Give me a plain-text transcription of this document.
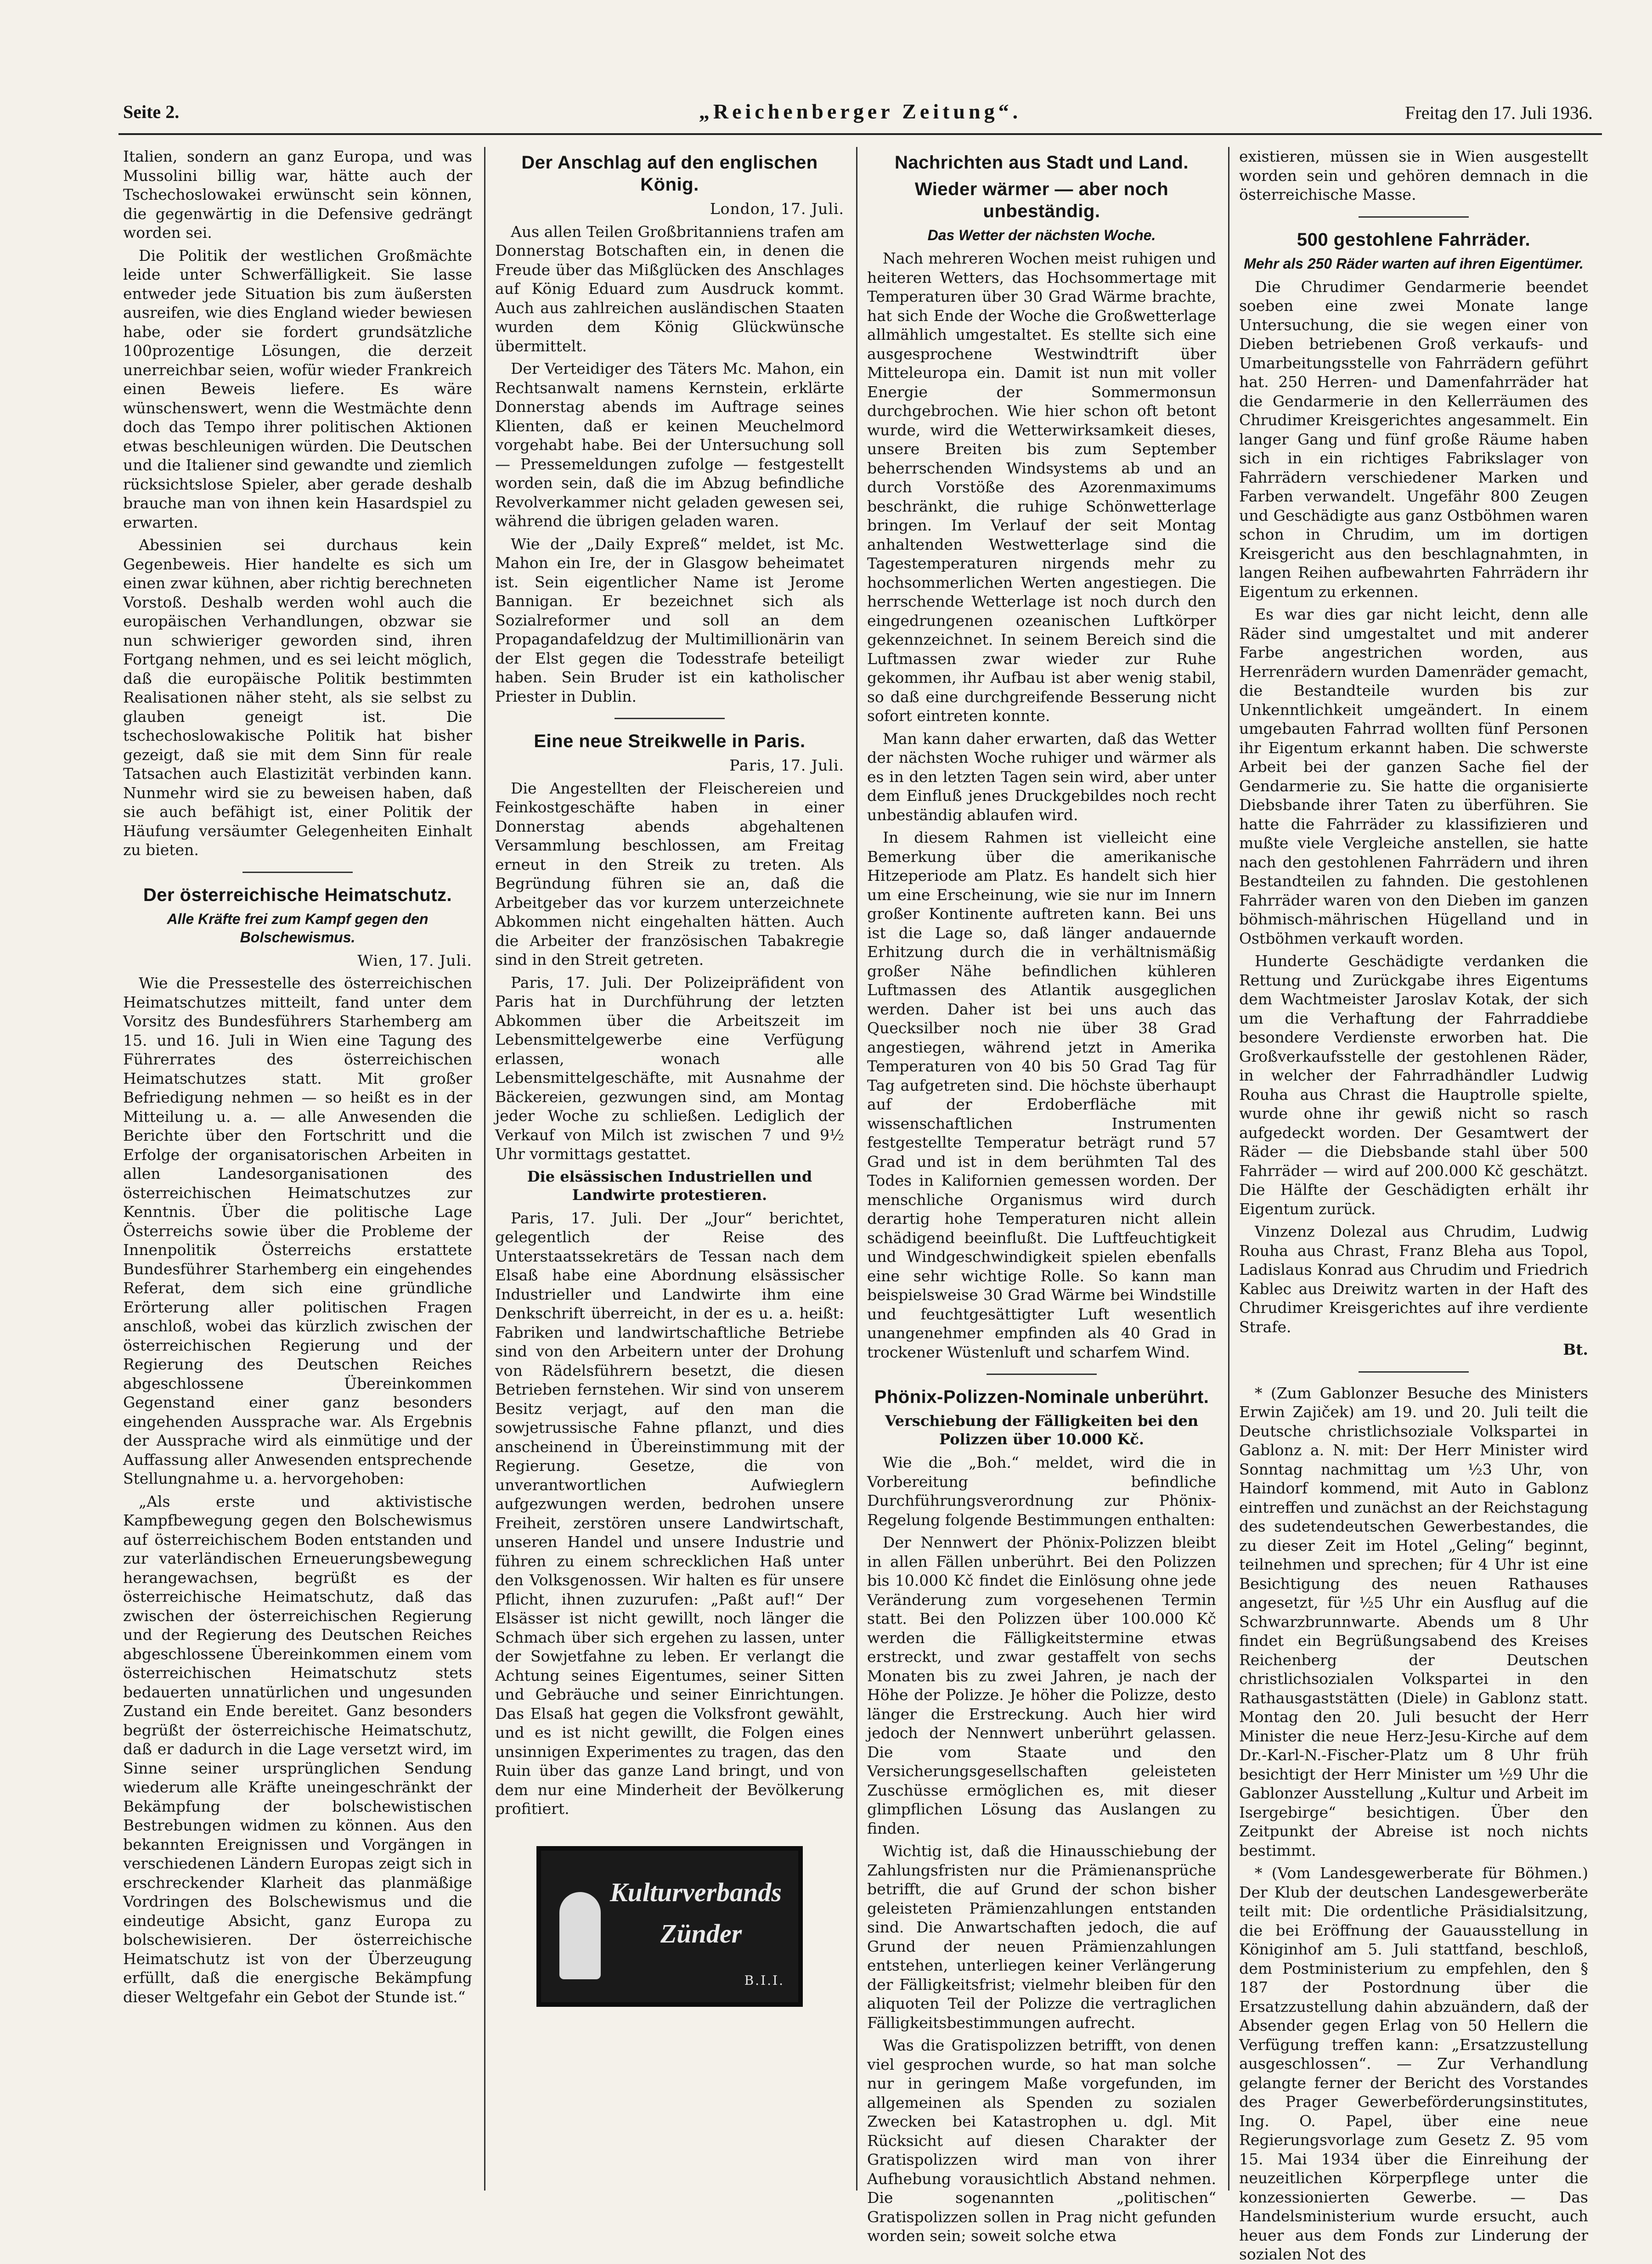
Seite 2.	„Reichenberger Zeitung“.	Freitag den 17. Juli 1936.

Italien, sondern an ganz Europa, und was Mussolini billig war, hätte auch der Tschechoslowakei erwünscht sein können, die gegenwärtig in die Defensive gedrängt worden sei.

Die Politik der westlichen Großmächte leide unter Schwerfälligkeit. Sie lasse entweder jede Situation bis zum äußersten ausreifen, wie dies England wieder bewiesen habe, oder sie fordert grundsätzliche 100prozentige Lösungen, die derzeit unerreichbar seien, wofür wieder Frankreich einen Beweis liefere. Es wäre wünschenswert, wenn die Westmächte denn doch das Tempo ihrer politischen Aktionen etwas beschleunigen würden. Die Deutschen und die Italiener sind gewandte und ziemlich rücksichtslose Spieler, aber gerade deshalb brauche man von ihnen kein Hasardspiel zu erwarten.

Abessinien sei durchaus kein Gegenbeweis. Hier handelte es sich um einen zwar kühnen, aber richtig berechneten Vorstoß. Deshalb werden wohl auch die europäischen Verhandlungen, obzwar sie nun schwieriger geworden sind, ihren Fortgang nehmen, und es sei leicht möglich, daß die europäische Politik bestimmten Realisationen näher steht, als sie selbst zu glauben geneigt ist. Die tschechoslowakische Politik hat bisher gezeigt, daß sie mit dem Sinn für reale Tatsachen auch Elastizität verbinden kann. Nunmehr wird sie zu beweisen haben, daß sie auch befähigt ist, einer Politik der Häufung versäumter Gelegenheiten Einhalt zu bieten.

Der österreichische Heimatschutz.
Alle Kräfte frei zum Kampf gegen den Bolschewismus.

Wien, 17. Juli.

Wie die Pressestelle des österreichischen Heimatschutzes mitteilt, fand unter dem Vorsitz des Bundesführers Starhemberg am 15. und 16. Juli in Wien eine Tagung des Führerrates des österreichischen Heimatschutzes statt. Mit großer Befriedigung nehmen — so heißt es in der Mitteilung u. a. — alle Anwesenden die Berichte über den Fortschritt und die Erfolge der organisatorischen Arbeiten in allen Landesorganisationen des österreichischen Heimatschutzes zur Kenntnis. Über die politische Lage Österreichs sowie über die Probleme der Innenpolitik Österreichs erstattete Bundesführer Starhemberg ein eingehendes Referat, dem sich eine gründliche Erörterung aller politischen Fragen anschloß, wobei das kürzlich zwischen der österreichischen Regierung und der Regierung des Deutschen Reiches abgeschlossene Übereinkommen Gegenstand einer ganz besonders eingehenden Aussprache war. Als Ergebnis der Aussprache wird als einmütige und der Auffassung aller Anwesenden entsprechende Stellungnahme u. a. hervorgehoben:

„Als erste und aktivistische Kampfbewegung gegen den Bolschewismus auf österreichischem Boden entstanden und zur vaterländischen Erneuerungsbewegung herangewachsen, begrüßt es der österreichische Heimatschutz, daß das zwischen der österreichischen Regierung und der Regierung des Deutschen Reiches abgeschlossene Übereinkommen einem vom österreichischen Heimatschutz stets bedauerten unnatürlichen und ungesunden Zustand ein Ende bereitet. Ganz besonders begrüßt der österreichische Heimatschutz, daß er dadurch in die Lage versetzt wird, im Sinne seiner ursprünglichen Sendung wiederum alle Kräfte uneingeschränkt der Bekämpfung der bolschewistischen Bestrebungen widmen zu können. Aus den bekannten Ereignissen und Vorgängen in verschiedenen Ländern Europas zeigt sich in erschreckender Klarheit das planmäßige Vordringen des Bolschewismus und die eindeutige Absicht, ganz Europa zu bolschewisieren. Der österreichische Heimatschutz ist von der Überzeugung erfüllt, daß die energische Bekämpfung dieser Weltgefahr ein Gebot der Stunde ist.“

Der Anschlag auf den englischen König.

London, 17. Juli.

Aus allen Teilen Großbritanniens trafen am Donnerstag Botschaften ein, in denen die Freude über das Mißglücken des Anschlages auf König Eduard zum Ausdruck kommt. Auch aus zahlreichen ausländischen Staaten wurden dem König Glückwünsche übermittelt.

Der Verteidiger des Täters Mc. Mahon, ein Rechtsanwalt namens Kernstein, erklärte Donnerstag abends im Auftrage seines Klienten, daß er keinen Meuchelmord vorgehabt habe. Bei der Untersuchung soll — Pressemeldungen zufolge — festgestellt worden sein, daß die im Abzug befindliche Revolverkammer nicht geladen gewesen sei, während die übrigen geladen waren.

Wie der „Daily Expreß“ meldet, ist Mc. Mahon ein Ire, der in Glasgow beheimatet ist. Sein eigentlicher Name ist Jerome Bannigan. Er bezeichnet sich als Sozialreformer und soll an dem Propagandafeldzug der Multimillionärin van der Elst gegen die Todesstrafe beteiligt haben. Sein Bruder ist ein katholischer Priester in Dublin.

Eine neue Streikwelle in Paris.

Paris, 17. Juli.

Die Angestellten der Fleischereien und Feinkostgeschäfte haben in einer Donnerstag abends abgehaltenen Versammlung beschlossen, am Freitag erneut in den Streik zu treten. Als Begründung führen sie an, daß die Arbeitgeber das vor kurzem unterzeichnete Abkommen nicht eingehalten hätten. Auch die Arbeiter der französischen Tabakregie sind in den Streit getreten.

Paris, 17. Juli. Der Polizeipräfident von Paris hat in Durchführung der letzten Abkommen über die Arbeitszeit im Lebensmittelgewerbe eine Verfügung erlassen, wonach alle Lebensmittelgeschäfte, mit Ausnahme der Bäckereien, gezwungen sind, am Montag jeder Woche zu schließen. Lediglich der Verkauf von Milch ist zwischen 7 und 9½ Uhr vormittags gestattet.

Die elsässischen Industriellen und Landwirte protestieren.

Paris, 17. Juli. Der „Jour“ berichtet, gelegentlich der Reise des Unterstaatssekretärs de Tessan nach dem Elsaß habe eine Abordnung elsässischer Industrieller und Landwirte ihm eine Denkschrift überreicht, in der es u. a. heißt: Fabriken und landwirtschaftliche Betriebe sind von den Arbeitern unter der Drohung von Rädelsführern besetzt, die diesen Betrieben fernstehen. Wir sind von unserem Besitz verjagt, auf den man die sowjetrussische Fahne pflanzt, und dies anscheinend in Übereinstimmung mit der Regierung. Gesetze, die von unverantwortlichen Aufwieglern aufgezwungen werden, bedrohen unsere Freiheit, zerstören unsere Landwirtschaft, unseren Handel und unsere Industrie und führen zu einem schrecklichen Haß unter den Volksgenossen. Wir halten es für unsere Pflicht, ihnen zuzurufen: „Paßt auf!“ Der Elsässer ist nicht gewillt, noch länger die Schmach über sich ergehen zu lassen, unter der Sowjetfahne zu leben. Er verlangt die Achtung seines Eigentumes, seiner Sitten und Gebräuche und seiner Einrichtungen. Das Elsaß hat gegen die Volksfront gewählt, und es ist nicht gewillt, die Folgen eines unsinnigen Experimentes zu tragen, das den Ruin über das ganze Land bringt, und von dem nur eine Minderheit der Bevölkerung profitiert.

Kulturverbands
Zünder
B.I.I.
Nachrichten aus Stadt und Land.
Wieder wärmer — aber noch unbeständig.
Das Wetter der nächsten Woche.

Nach mehreren Wochen meist ruhigen und heiteren Wetters, das Hochsommertage mit Temperaturen über 30 Grad Wärme brachte, hat sich Ende der Woche die Großwetterlage allmählich umgestaltet. Es stellte sich eine ausgesprochene Westwindtrift über Mitteleuropa ein. Damit ist nun mit voller Energie der Sommermonsun durchgebrochen. Wie hier schon oft betont wurde, wird die Wetterwirksamkeit dieses, unsere Breiten bis zum September beherrschenden Windsystems ab und an durch Vorstöße des Azorenmaximums beschränkt, die ruhige Schönwetterlage bringen. Im Verlauf der seit Montag anhaltenden Westwetterlage sind die Tagestemperaturen nirgends mehr zu hochsommerlichen Werten angestiegen. Die herrschende Wetterlage ist noch durch den eingedrungenen ozeanischen Luftkörper gekennzeichnet. In seinem Bereich sind die Luftmassen zwar wieder zur Ruhe gekommen, ihr Aufbau ist aber wenig stabil, so daß eine durchgreifende Besserung nicht sofort eintreten konnte.

Man kann daher erwarten, daß das Wetter der nächsten Woche ruhiger und wärmer als es in den letzten Tagen sein wird, aber unter dem Einfluß jenes Druckgebildes noch recht unbeständig ablaufen wird.

In diesem Rahmen ist vielleicht eine Bemerkung über die amerikanische Hitzeperiode am Platz. Es handelt sich hier um eine Erscheinung, wie sie nur im Innern großer Kontinente auftreten kann. Bei uns ist die Lage so, daß länger andauernde Erhitzung durch die in verhältnismäßig großer Nähe befindlichen kühleren Luftmassen des Atlantik ausgeglichen werden. Daher ist bei uns auch das Quecksilber noch nie über 38 Grad angestiegen, während jetzt in Amerika Temperaturen von 40 bis 50 Grad Tag für Tag aufgetreten sind. Die höchste überhaupt auf der Erdoberfläche mit wissenschaftlichen Instrumenten festgestellte Temperatur beträgt rund 57 Grad und ist in dem berühmten Tal des Todes in Kalifornien gemessen worden. Der menschliche Organismus wird durch derartig hohe Temperaturen nicht allein schädigend beeinflußt. Die Luftfeuchtigkeit und Windgeschwindigkeit spielen ebenfalls eine sehr wichtige Rolle. So kann man beispielsweise 30 Grad Wärme bei Windstille und feuchtgesättigter Luft wesentlich unangenehmer empfinden als 40 Grad in trockener Wüstenluft und scharfem Wind.

Phönix-Polizzen-Nominale unberührt.
Verschiebung der Fälligkeiten bei den Polizzen über 10.000 Kč.

Wie die „Boh.“ meldet, wird die in Vorbereitung befindliche Durchführungsverordnung zur Phönix-Regelung folgende Bestimmungen enthalten:

Der Nennwert der Phönix-Polizzen bleibt in allen Fällen unberührt. Bei den Polizzen bis 10.000 Kč findet die Einlösung ohne jede Veränderung zum vorgesehenen Termin statt. Bei den Polizzen über 100.000 Kč werden die Fälligkeitstermine etwas erstreckt, und zwar gestaffelt von sechs Monaten bis zu zwei Jahren, je nach der Höhe der Polizze. Je höher die Polizze, desto länger die Erstreckung. Auch hier wird jedoch der Nennwert unberührt gelassen. Die vom Staate und den Versicherungsgesellschaften geleisteten Zuschüsse ermöglichen es, mit dieser glimpflichen Lösung das Auslangen zu finden.

Wichtig ist, daß die Hinausschiebung der Zahlungsfristen nur die Prämienansprüche betrifft, die auf Grund der schon bisher geleisteten Prämienzahlungen entstanden sind. Die Anwartschaften jedoch, die auf Grund der neuen Prämienzahlungen entstehen, unterliegen keiner Verlängerung der Fälligkeitsfrist; vielmehr bleiben für den aliquoten Teil der Polizze die vertraglichen Fälligkeitsbestimmungen aufrecht.

Was die Gratispolizzen betrifft, von denen viel gesprochen wurde, so hat man solche nur in geringem Maße vorgefunden, im allgemeinen als Spenden zu sozialen Zwecken bei Katastrophen u. dgl. Mit Rücksicht auf diesen Charakter der Gratispolizzen wird man von ihrer Aufhebung vorausichtlich Abstand nehmen. Die sogenannten „politischen“ Gratispolizzen sollen in Prag nicht gefunden worden sein; soweit solche etwa

existieren, müssen sie in Wien ausgestellt worden sein und gehören demnach in die österreichische Masse.

500 gestohlene Fahrräder.
Mehr als 250 Räder warten auf ihren Eigentümer.

Die Chrudimer Gendarmerie beendet soeben eine zwei Monate lange Untersuchung, die sie wegen einer von Dieben betriebenen Groß verkaufs- und Umarbeitungsstelle von Fahrrädern geführt hat. 250 Herren- und Damenfahrräder hat die Gendarmerie in den Kellerräumen des Chrudimer Kreisgerichtes angesammelt. Ein langer Gang und fünf große Räume haben sich in ein richtiges Fabrikslager von Fahrrädern verschiedener Marken und Farben verwandelt. Ungefähr 800 Zeugen und Geschädigte aus ganz Ostböhmen waren schon in Chrudim, um im dortigen Kreisgericht aus den beschlagnahmten, in langen Reihen aufbewahrten Fahrrädern ihr Eigentum zu erkennen.

Es war dies gar nicht leicht, denn alle Räder sind umgestaltet und mit anderer Farbe angestrichen worden, aus Herrenrädern wurden Damenräder gemacht, die Bestandteile wurden bis zur Unkenntlichkeit umgeändert. In einem umgebauten Fahrrad wollten fünf Personen ihr Eigentum erkannt haben. Die schwerste Arbeit bei der ganzen Sache fiel der Gendarmerie zu. Sie hatte die organisierte Diebsbande ihrer Taten zu überführen. Sie hatte die Fahrräder zu klassifizieren und mußte viele Vergleiche anstellen, sie hatte nach den gestohlenen Fahrrädern und ihren Bestandteilen zu fahnden. Die gestohlenen Fahrräder waren von den Dieben im ganzen böhmisch-mährischen Hügelland und in Ostböhmen verkauft worden.

Hunderte Geschädigte verdanken die Rettung und Zurückgabe ihres Eigentums dem Wachtmeister Jaroslav Kotak, der sich um die Verhaftung der Fahrraddiebe besondere Verdienste erworben hat. Die Großverkaufsstelle der gestohlenen Räder, in welcher der Fahrradhändler Ludwig Rouha aus Chrast die Hauptrolle spielte, wurde ohne ihr gewiß nicht so rasch aufgedeckt worden. Der Gesamtwert der Räder — die Diebsbande stahl über 500 Fahrräder — wird auf 200.000 Kč geschätzt. Die Hälfte der Geschädigten erhält ihr Eigentum zurück.

Vinzenz Dolezal aus Chrudim, Ludwig Rouha aus Chrast, Franz Bleha aus Topol, Ladislaus Konrad aus Chrudim und Friedrich Kablec aus Dreiwitz warten in der Haft des Chrudimer Kreisgerichtes auf ihre verdiente Strafe.

Bt.

* (Zum Gablonzer Besuche des Ministers Erwin Zajiček) am 19. und 20. Juli teilt die Deutsche christlichsoziale Volkspartei in Gablonz a. N. mit: Der Herr Minister wird Sonntag nachmittag um ½3 Uhr, von Haindorf kommend, mit Auto in Gablonz eintreffen und zunächst an der Reichstagung des sudetendeutschen Gewerbestandes, die zu dieser Zeit im Hotel „Geling“ beginnt, teilnehmen und sprechen; für 4 Uhr ist eine Besichtigung des neuen Rathauses angesetzt, für ½5 Uhr ein Ausflug auf die Schwarzbrunnwarte. Abends um 8 Uhr findet ein Begrüßungsabend des Kreises Reichenberg der Deutschen christlichsozialen Volkspartei in den Rathausgaststätten (Diele) in Gablonz statt. Montag den 20. Juli besucht der Herr Minister die neue Herz-Jesu-Kirche auf dem Dr.-Karl-N.-Fischer-Platz um 8 Uhr früh besichtigt der Herr Minister um ½9 Uhr die Gablonzer Ausstellung „Kultur und Arbeit im Isergebirge“ besichtigen. Über den Zeitpunkt der Abreise ist noch nichts bestimmt.

* (Vom Landesgewerberate für Böhmen.) Der Klub der deutschen Landesgewerberäte teilt mit: Die ordentliche Präsidialsitzung, die bei Eröffnung der Gauausstellung in Königinhof am 5. Juli stattfand, beschloß, dem Postministerium zu empfehlen, den § 187 der Postordnung über die Ersatzzustellung dahin abzuändern, daß der Absender gegen Erlag von 50 Hellern die Verfügung treffen kann: „Ersatzzustellung ausgeschlossen“. — Zur Verhandlung gelangte ferner der Bericht des Vorstandes des Prager Gewerbeförderungsinstitutes, Ing. O. Papel, über eine neue Regierungsvorlage zum Gesetz Z. 95 vom 15. Mai 1934 über die Einreihung der neuzeitlichen Körperpflege unter die konzessionierten Gewerbe. — Das Handelsministerium wurde ersucht, auch heuer aus dem Fonds zur Linderung der sozialen Not des
